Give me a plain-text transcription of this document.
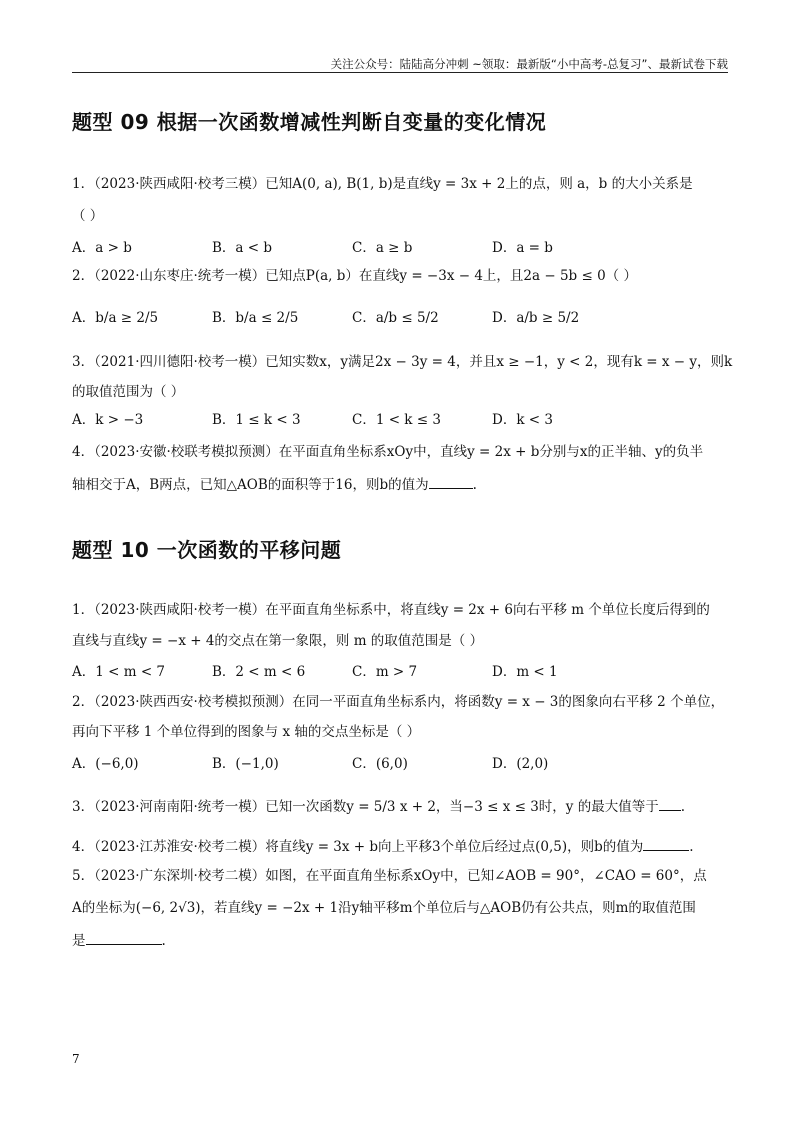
关注公众号：陆陆高分冲刺 ~领取：最新版“小中高考-总复习”、最新试卷下载
题型 09 根据一次函数增减性判断自变量的变化情况
1．（2023·陕西咸阳·校考三模）已知A(0, a), B(1, b)是直线y = 3x + 2上的点，则 a，b 的大小关系是
（ ）
A．a > b	B．a < b	C．a ≥ b	D．a = b
2．（2022·山东枣庄·统考一模）已知点P(a, b）在直线y = −3x − 4上，且2a − 5b ≤ 0（ ）
A．b/a ≥ 2/5	B．b/a ≤ 2/5	C．a/b ≤ 5/2	D．a/b ≥ 5/2
3．（2021·四川德阳·校考一模）已知实数x，y满足2x − 3y = 4，并且x ≥ −1，y < 2，现有k = x − y，则k
的取值范围为（ ）
A．k > −3	B．1 ≤ k < 3	C．1 < k ≤ 3	D．k < 3
4．（2023·安徽·校联考模拟预测）在平面直角坐标系xOy中，直线y = 2x + b分别与x的正半轴、y的负半
轴相交于A，B两点，已知△AOB的面积等于16，则b的值为	.
题型 10 一次函数的平移问题
1．（2023·陕西咸阳·校考一模）在平面直角坐标系中，将直线y = 2x + 6向右平移 m 个单位长度后得到的
直线与直线y = −x + 4的交点在第一象限，则 m 的取值范围是（ ）
A．1 < m < 7	B．2 < m < 6	C．m > 7	D．m < 1
2．（2023·陕西西安·校考模拟预测）在同一平面直角坐标系内，将函数y = x − 3的图象向右平移 2 个单位，
再向下平移 1 个单位得到的图象与 x 轴的交点坐标是（ ）
A．(−6,0)	B．(−1,0)	C．(6,0)	D．(2,0)
3．（2023·河南南阳·统考一模）已知一次函数y = 5/3 x + 2，当−3 ≤ x ≤ 3时，y 的最大值等于 .
4．（2023·江苏淮安·校考二模）将直线y = 3x + b向上平移3个单位后经过点(0,5)，则b的值为	.
5．（2023·广东深圳·校考二模）如图，在平面直角坐标系xOy中，已知∠AOB = 90°，∠CAO = 60°，点
A的坐标为(−6, 2√3)，若直线y = −2x + 1沿y轴平移m个单位后与△AOB仍有公共点，则m的取值范围
是	.
7
